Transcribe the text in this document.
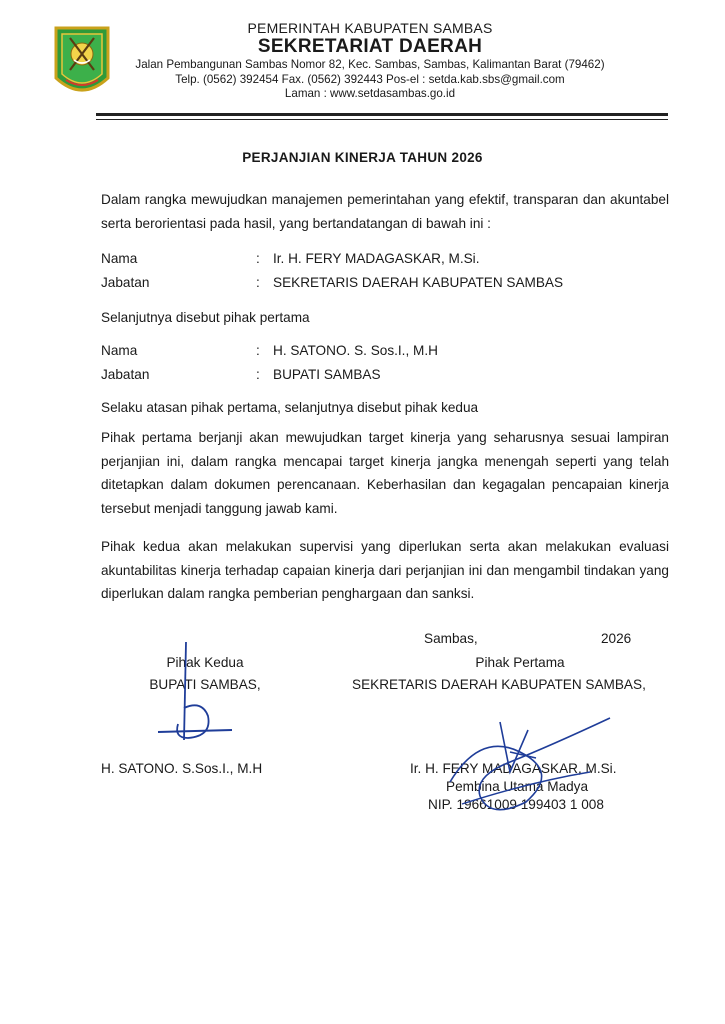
PEMERINTAH KABUPATEN SAMBAS
SEKRETARIAT DAERAH
Jalan Pembangunan Sambas Nomor 82, Kec. Sambas, Sambas, Kalimantan Barat (79462)
Telp. (0562) 392454 Fax. (0562) 392443 Pos-el : setda.kab.sbs@gmail.com
Laman : www.setdasambas.go.id
PERJANJIAN KINERJA TAHUN 2026
Dalam rangka mewujudkan manajemen pemerintahan yang efektif, transparan dan akuntabel serta berorientasi pada hasil, yang bertandatangan di bawah ini :
Nama	: Ir. H. FERY MADAGASKAR, M.Si.
Jabatan	: SEKRETARIS DAERAH KABUPATEN SAMBAS
Selanjutnya disebut pihak pertama
Nama	: H. SATONO. S. Sos.I., M.H
Jabatan	: BUPATI SAMBAS
Selaku atasan pihak pertama, selanjutnya disebut pihak kedua
Pihak pertama berjanji akan mewujudkan target kinerja yang seharusnya sesuai lampiran perjanjian ini, dalam rangka mencapai target kinerja jangka menengah seperti yang telah ditetapkan dalam dokumen perencanaan. Keberhasilan dan kegagalan pencapaian kinerja tersebut menjadi tanggung jawab kami.
Pihak kedua akan melakukan supervisi yang diperlukan serta akan melakukan evaluasi akuntabilitas kinerja terhadap capaian kinerja dari perjanjian ini dan mengambil tindakan yang diperlukan dalam rangka pemberian penghargaan dan sanksi.
Sambas,	2026
Pihak Kedua
BUPATI SAMBAS,
H. SATONO. S.Sos.I., M.H
Pihak Pertama
SEKRETARIS DAERAH KABUPATEN SAMBAS,
Ir. H. FERY MADAGASKAR, M.Si.
Pembina Utama Madya
NIP. 19661009 199403 1 008
